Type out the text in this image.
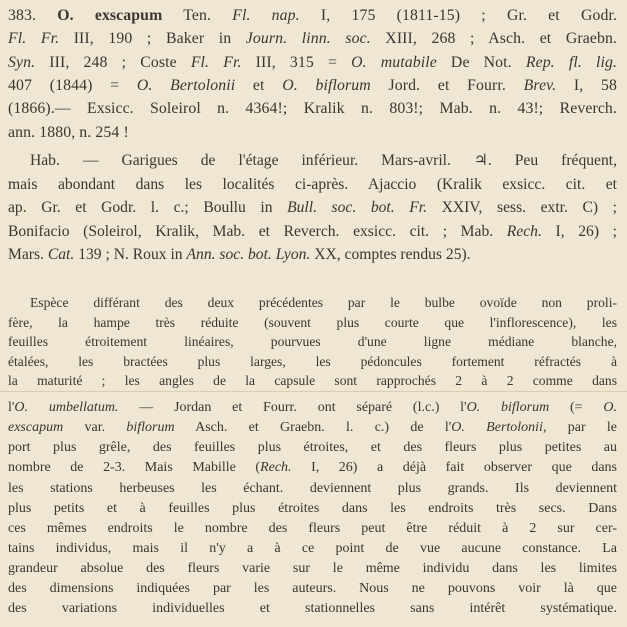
383. O. exscapum Ten. Fl. nap. I, 175 (1811-15) ; Gr. et Godr.
Fl. Fr. III, 190 ; Baker in Journ. linn. soc. XIII, 268 ; Asch. et Graebn.
Syn. III, 248 ; Coste Fl. Fr. III, 315 = O. mutabile De Not. Rep. fl. lig.
407 (1844) = O. Bertolonii et O. biflorum Jord. et Fourr. Brev. I, 58
(1866).— Exsicc. Soleirol n. 4364!; Kralik n. 803!; Mab. n. 43!; Reverch.
ann. 1880, n. 254 !
Hab. — Garigues de l'étage inférieur. Mars-avril. ♃. Peu fréquent,
mais abondant dans les localités ci-après. Ajaccio (Kralik exsicc. cit. et
ap. Gr. et Godr. l. c.; Boullu in Bull. soc. bot. Fr. XXIV, sess. extr. C) ;
Bonifacio (Soleirol, Kralik, Mab. et Reverch. exsicc. cit. ; Mab. Rech. I, 26) ;
Mars. Cat. 139 ; N. Roux in Ann. soc. bot. Lyon. XX, comptes rendus 25).
Espèce différant des deux précédentes par le bulbe ovoïde non proli-
fère, la hampe très réduite (souvent plus courte que l'inflorescence), les
feuilles étroitement linéaires, pourvues d'une ligne médiane blanche,
étalées, les bractées plus larges, les pédoncules fortement réfractés à
la maturité ; les angles de la capsule sont rapprochés 2 à 2 comme dans
l'O. umbellatum. — Jordan et Fourr. ont séparé (l.c.) l'O. biflorum (= O.
exscapum var. biflorum Asch. et Graebn. l. c.) de l'O. Bertolonii, par le
port plus grêle, des feuilles plus étroites, et des fleurs plus petites au
nombre de 2-3. Mais Mabille (Rech. I, 26) a déjà fait observer que dans
les stations herbeuses les échant. deviennent plus grands. Ils deviennent
plus petits et à feuilles plus étroites dans les endroits très secs. Dans
ces mêmes endroits le nombre des fleurs peut être réduit à 2 sur cer-
tains individus, mais il n'y a à ce point de vue aucune constance. La
grandeur absolue des fleurs varie sur le même individu dans les limites
des dimensions indiquées par les auteurs. Nous ne pouvons voir là que
des variations individuelles et stationnelles sans intérêt systématique.
